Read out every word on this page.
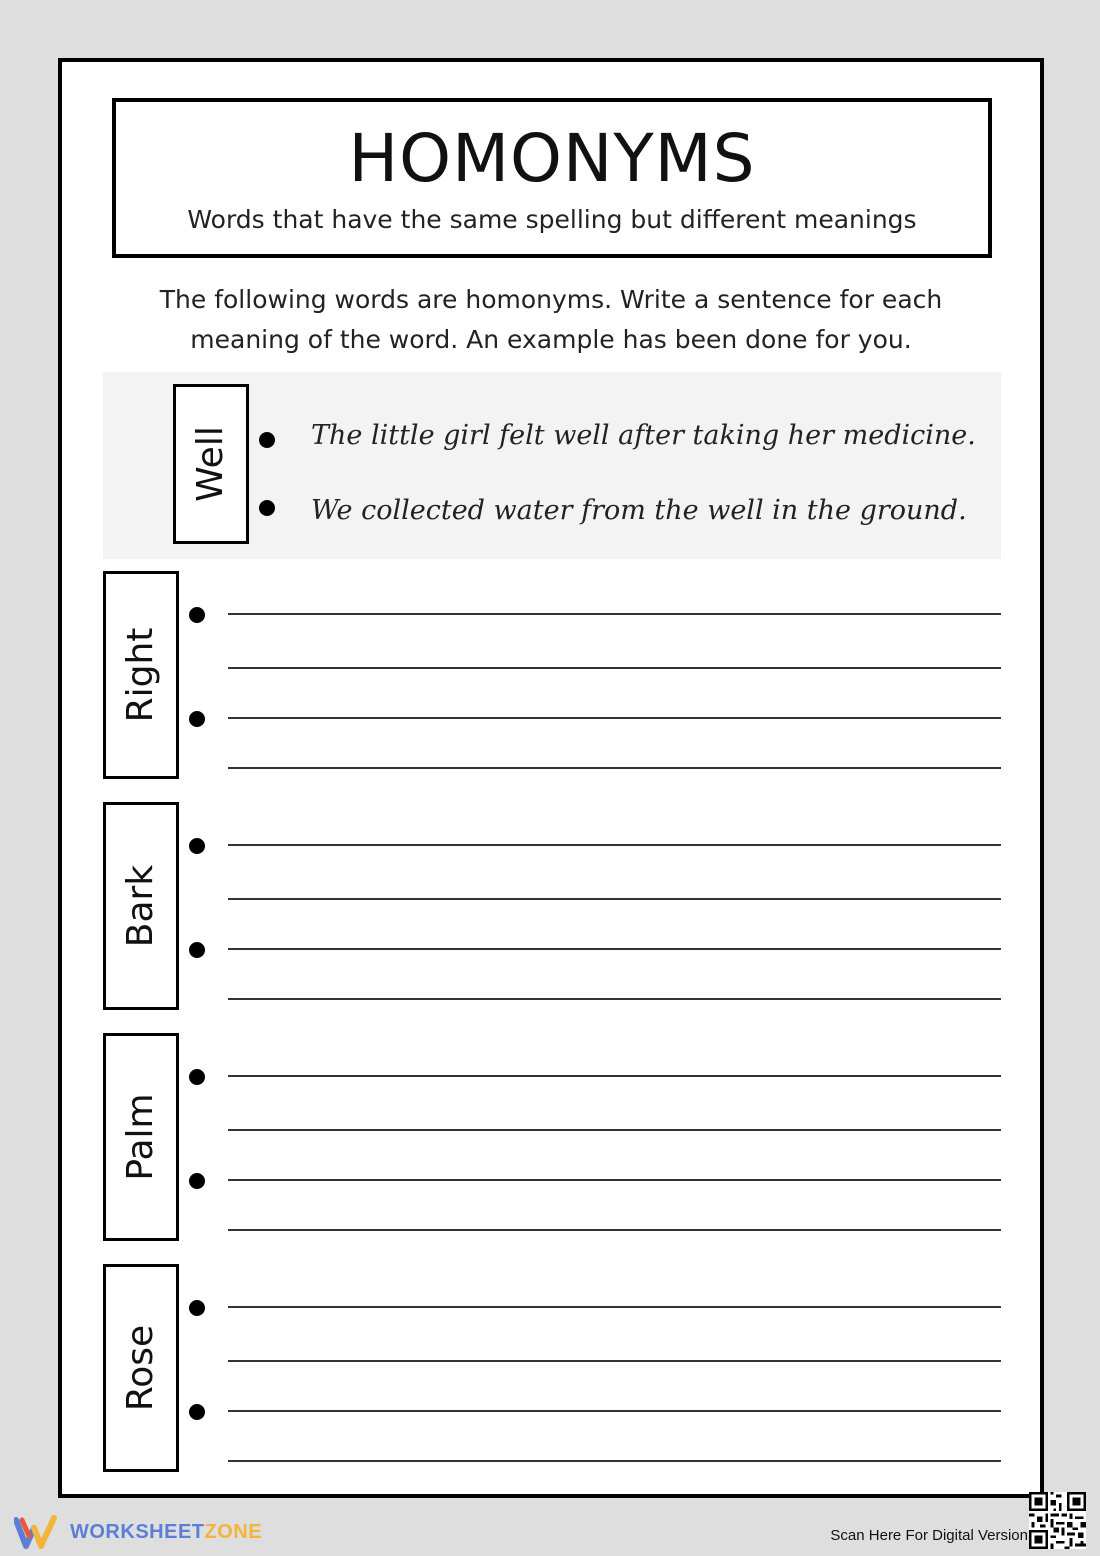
HOMONYMS
Words that have the same spelling but different meanings
The following words are homonyms. Write a sentence for each
meaning of the word. An example has been done for you.
Well	The little girl felt well after taking her medicine.
We collected water from the well in the ground.
Right
Bark
Palm
Rose
WORKSHEETZONE	Scan Here For Digital Version
